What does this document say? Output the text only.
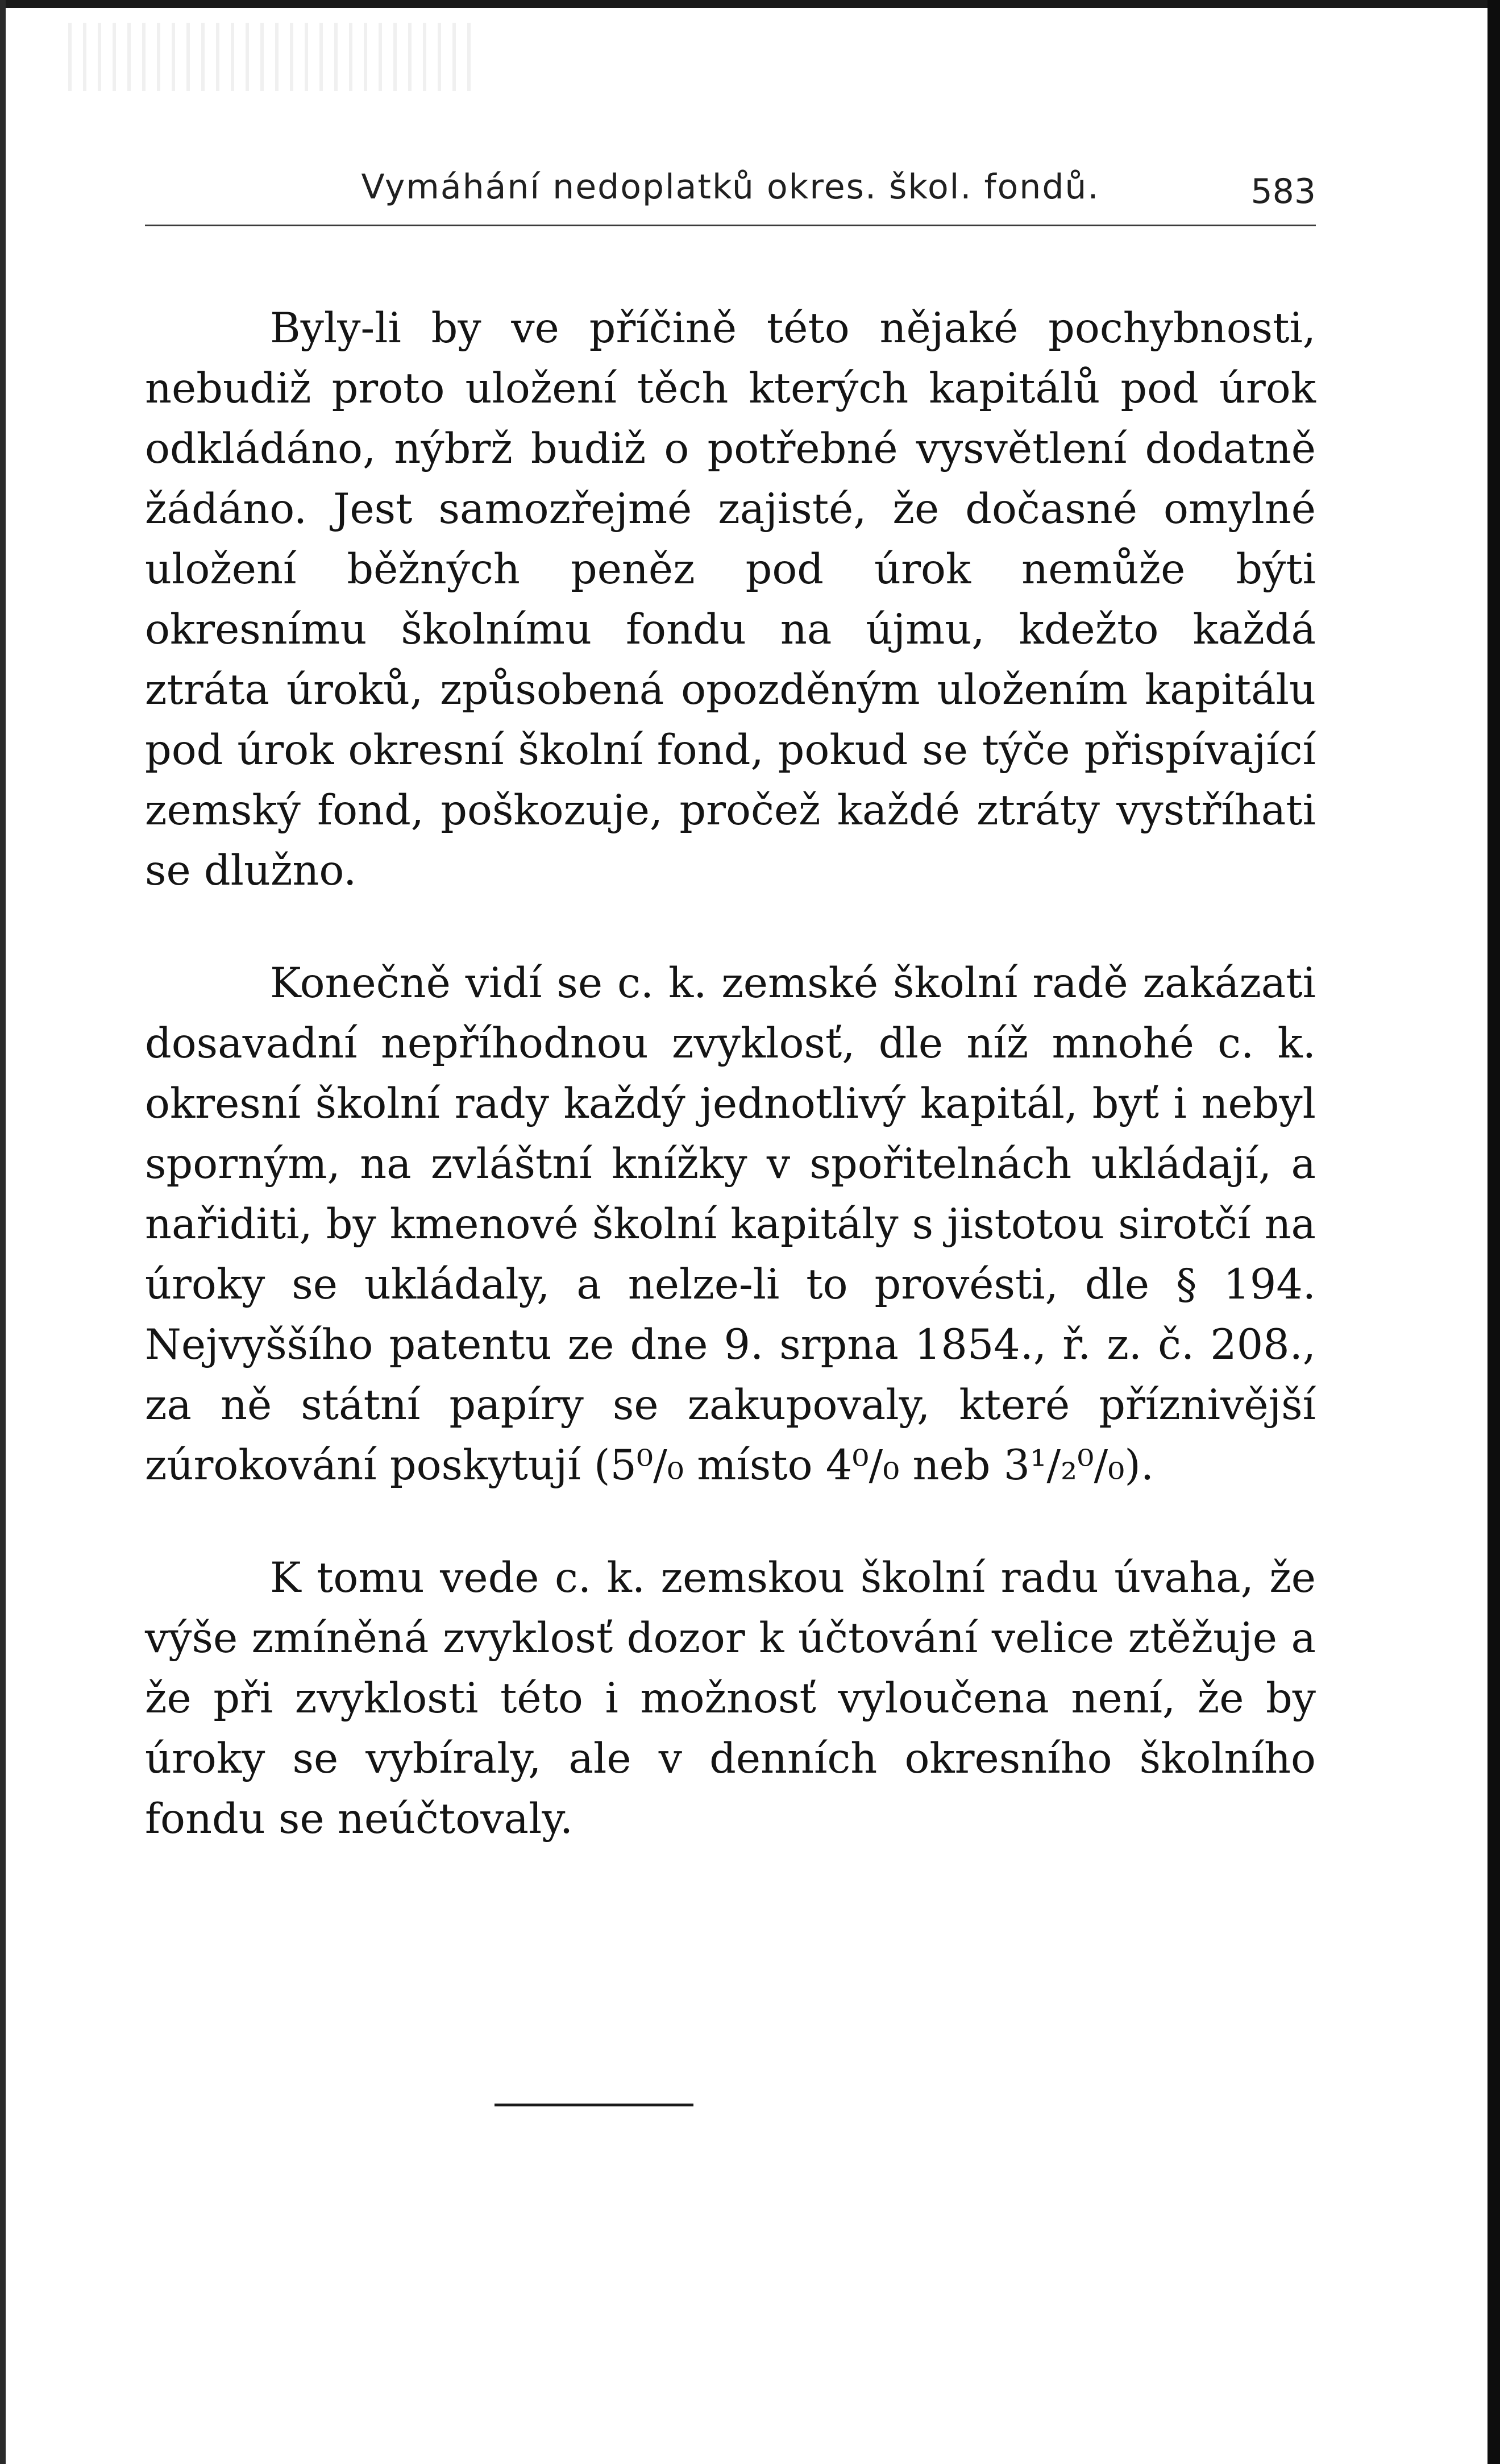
Vymáhání nedoplatků okres. škol. fondů.	583

Byly-li by ve příčině této nějaké pochybnosti, nebudiž proto uložení těch kterých kapitálů pod úrok odkládáno, nýbrž budiž o potřebné vysvětlení dodatně žádáno. Jest samozřejmé zajisté, že dočasné omylné uložení běžných peněz pod úrok nemůže býti okresnímu školnímu fondu na újmu, kdežto každá ztráta úroků, způsobená opozděným uložením kapitálu pod úrok okresní školní fond, pokud se týče přispívající zemský fond, poškozuje, pročež každé ztráty vystříhati se dlužno.

Konečně vidí se c. k. zemské školní radě zakázati dosavadní nepříhodnou zvyklosť, dle níž mnohé c. k. okresní školní rady každý jednotlivý kapitál, byť i nebyl sporným, na zvláštní knížky v spořitelnách ukládají, a nařiditi, by kmenové školní kapitály s jistotou sirotčí na úroky se ukládaly, a nelze-li to provésti, dle § 194. Nejvyššího patentu ze dne 9. srpna 1854., ř. z. č. 208., za ně státní papíry se zakupovaly, které příznivější zúrokování poskytují (5⁰/₀ místo 4⁰/₀ neb 3¹/₂⁰/₀).

K tomu vede c. k. zemskou školní radu úvaha, že výše zmíněná zvyklosť dozor k účtování velice ztěžuje a že při zvyklosti této i možnosť vyloučena není, že by úroky se vybíraly, ale v denních okresního školního fondu se neúčtovaly.
